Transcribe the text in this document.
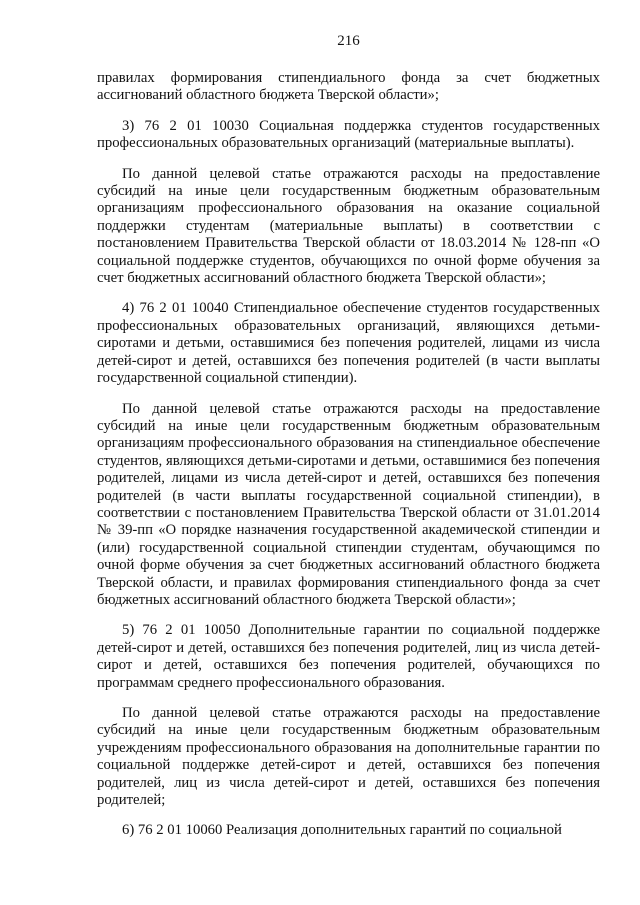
216

правилах формирования стипендиального фонда за счет бюджетных ассигнований областного бюджета Тверской области»;

3) 76 2 01 10030 Социальная поддержка студентов государственных профессиональных образовательных организаций (материальные выплаты).

По данной целевой статье отражаются расходы на предоставление субсидий на иные цели государственным бюджетным образовательным организациям профессионального образования на оказание социальной поддержки студентам (материальные выплаты) в соответствии с постановлением Правительства Тверской области от 18.03.2014 № 128-пп «О социальной поддержке студентов, обучающихся по очной форме обучения за счет бюджетных ассигнований областного бюджета Тверской области»;

4) 76 2 01 10040 Стипендиальное обеспечение студентов государственных профессиональных образовательных организаций, являющихся детьми-сиротами и детьми, оставшимися без попечения родителей, лицами из числа детей-сирот и детей, оставшихся без попечения родителей (в части выплаты государственной социальной стипендии).

По данной целевой статье отражаются расходы на предоставление субсидий на иные цели государственным бюджетным образовательным организациям профессионального образования на стипендиальное обеспечение студентов, являющихся детьми-сиротами и детьми, оставшимися без попечения родителей, лицами из числа детей-сирот и детей, оставшихся без попечения родителей (в части выплаты государственной социальной стипендии), в соответствии с постановлением Правительства Тверской области от 31.01.2014 № 39-пп «О порядке назначения государственной академической стипендии и (или) государственной социальной стипендии студентам, обучающимся по очной форме обучения за счет бюджетных ассигнований областного бюджета Тверской области, и правилах формирования стипендиального фонда за счет бюджетных ассигнований областного бюджета Тверской области»;

5) 76 2 01 10050 Дополнительные гарантии по социальной поддержке детей-сирот и детей, оставшихся без попечения родителей, лиц из числа детей-сирот и детей, оставшихся без попечения родителей, обучающихся по программам среднего профессионального образования.

По данной целевой статье отражаются расходы на предоставление субсидий на иные цели государственным бюджетным образовательным учреждениям профессионального образования на дополнительные гарантии по социальной поддержке детей-сирот и детей, оставшихся без попечения родителей, лиц из числа детей-сирот и детей, оставшихся без попечения родителей;

6) 76 2 01 10060 Реализация дополнительных гарантий по социальной
